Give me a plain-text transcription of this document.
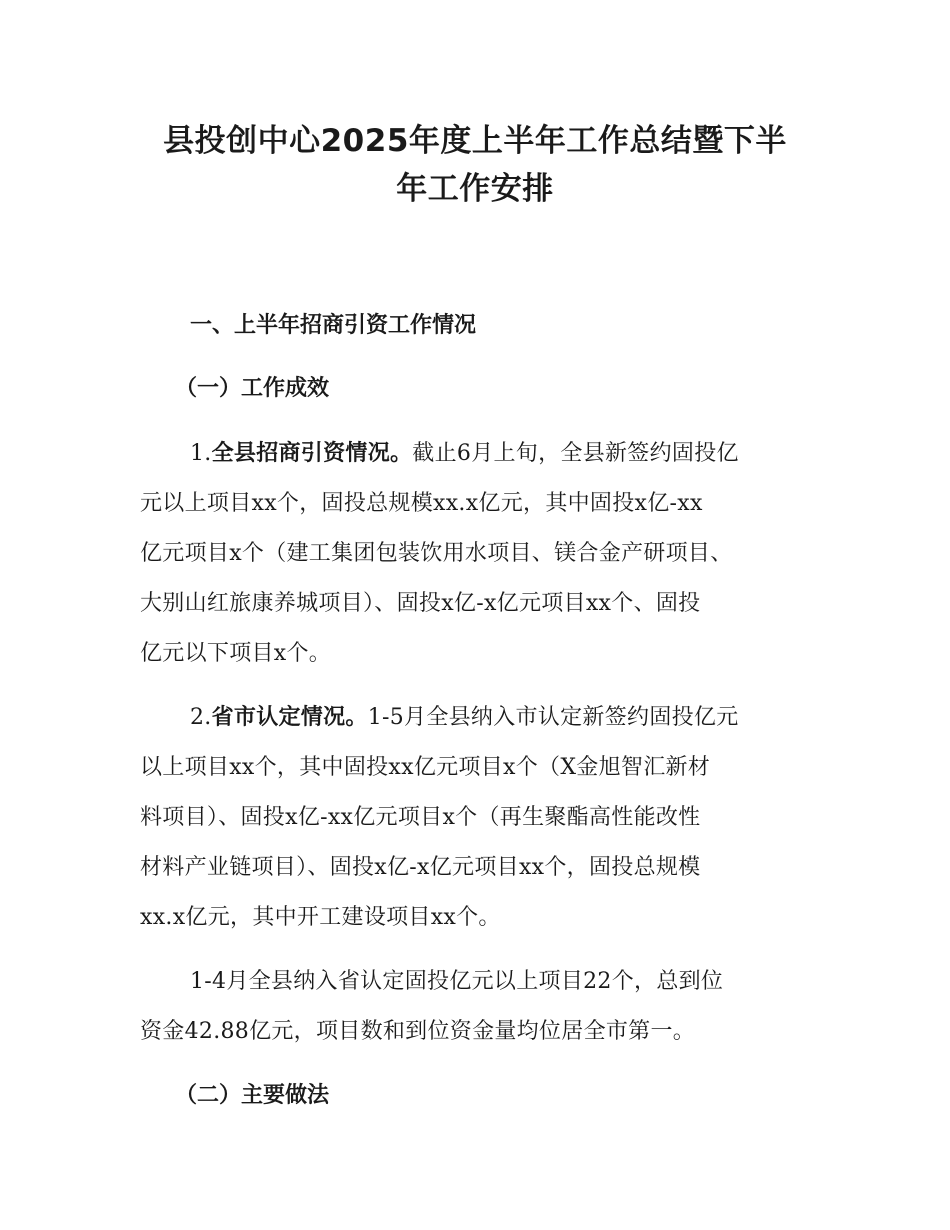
县投创中心2025年度上半年工作总结暨下半
年工作安排
一、上半年招商引资工作情况
（一）工作成效
1.全县招商引资情况。截止6月上旬，全县新签约固投亿
元以上项目xx个，固投总规模xx.x亿元，其中固投x亿-xx
亿元项目x个（建工集团包装饮用水项目、镁合金产研项目、
大别山红旅康养城项目）、固投x亿-x亿元项目xx个、固投
亿元以下项目x个。
2.省市认定情况。1-5月全县纳入市认定新签约固投亿元
以上项目xx个，其中固投xx亿元项目x个（X金旭智汇新材
料项目）、固投x亿-xx亿元项目x个（再生聚酯高性能改性
材料产业链项目）、固投x亿-x亿元项目xx个，固投总规模
xx.x亿元，其中开工建设项目xx个。
1-4月全县纳入省认定固投亿元以上项目22个，总到位
资金42.88亿元，项目数和到位资金量均位居全市第一。
（二）主要做法
